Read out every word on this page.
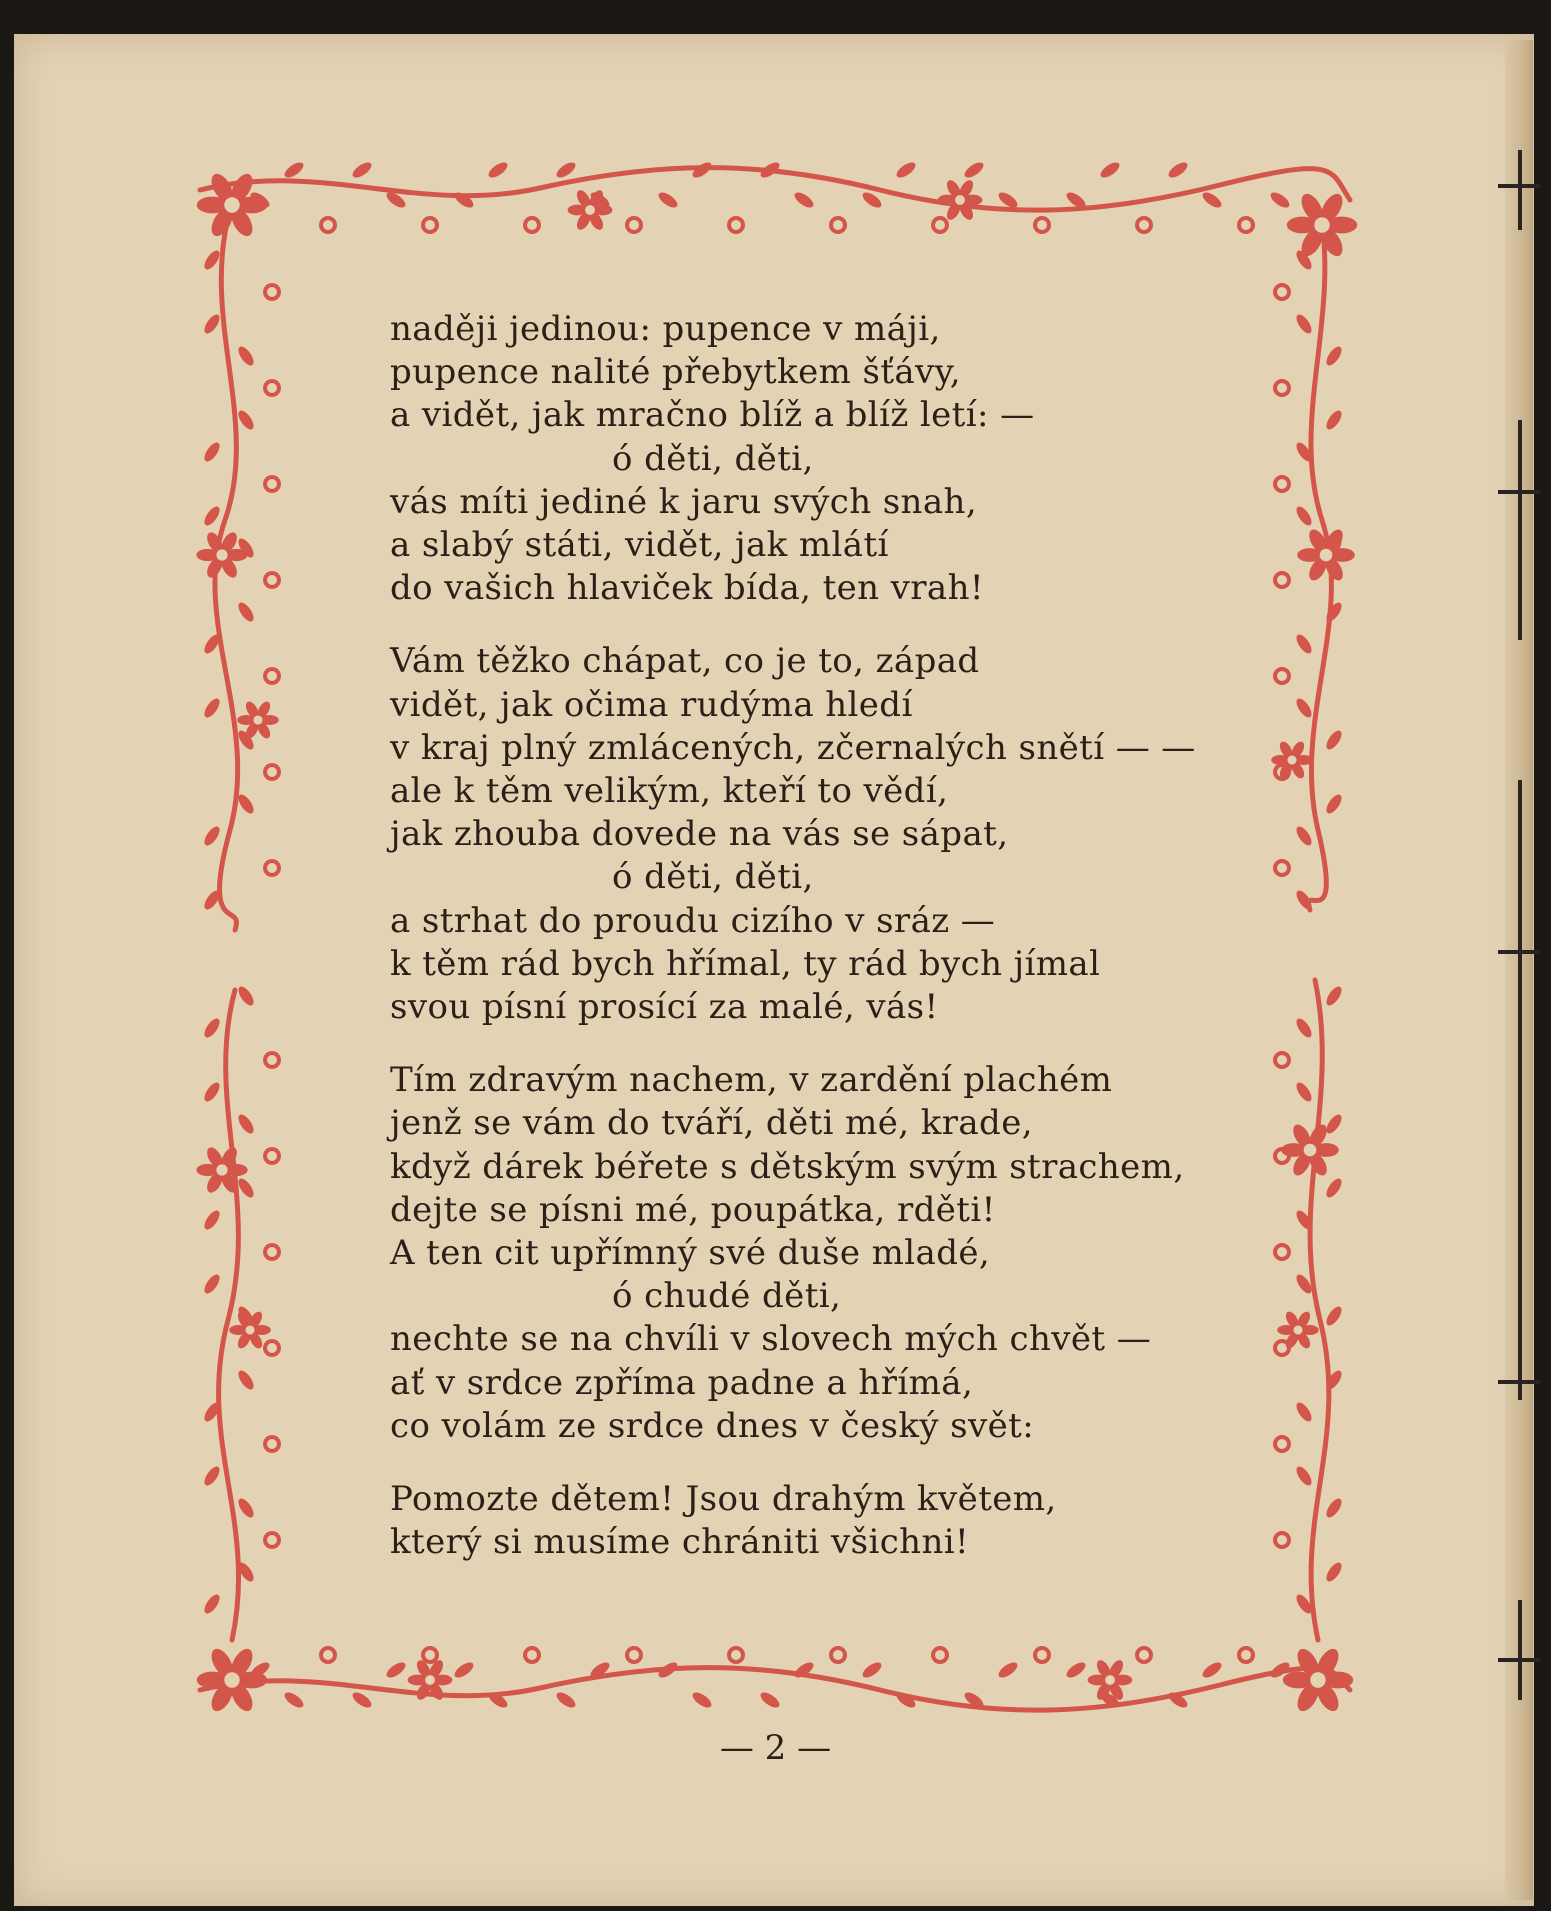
naději jedinou: pupence v máji,
pupence nalité přebytkem šťávy,
a vidět, jak mračno blíž a blíž letí: —
ó děti, děti,
vás míti jediné k jaru svých snah,
a slabý státi, vidět, jak mlátí
do vašich hlaviček bída, ten vrah!

Vám těžko chápat, co je to, západ
vidět, jak očima rudýma hledí
v kraj plný zmlácených, zčernalých snětí — —
ale k těm velikým, kteří to vědí,
jak zhouba dovede na vás se sápat,
ó děti, děti,
a strhat do proudu cizího v sráz —
k těm rád bych hřímal, ty rád bych jímal
svou písní prosící za malé, vás!

Tím zdravým nachem, v zardění plachém
jenž se vám do tváří, děti mé, krade,
když dárek béřete s dětským svým strachem,
dejte se písni mé, poupátka, rděti!
A ten cit upřímný své duše mladé,
ó chudé děti,
nechte se na chvíli v slovech mých chvět —
ať v srdce zpříma padne a hřímá,
co volám ze srdce dnes v český svět:

Pomozte dětem! Jsou drahým květem,
který si musíme chrániti všichni!

— 2 —
